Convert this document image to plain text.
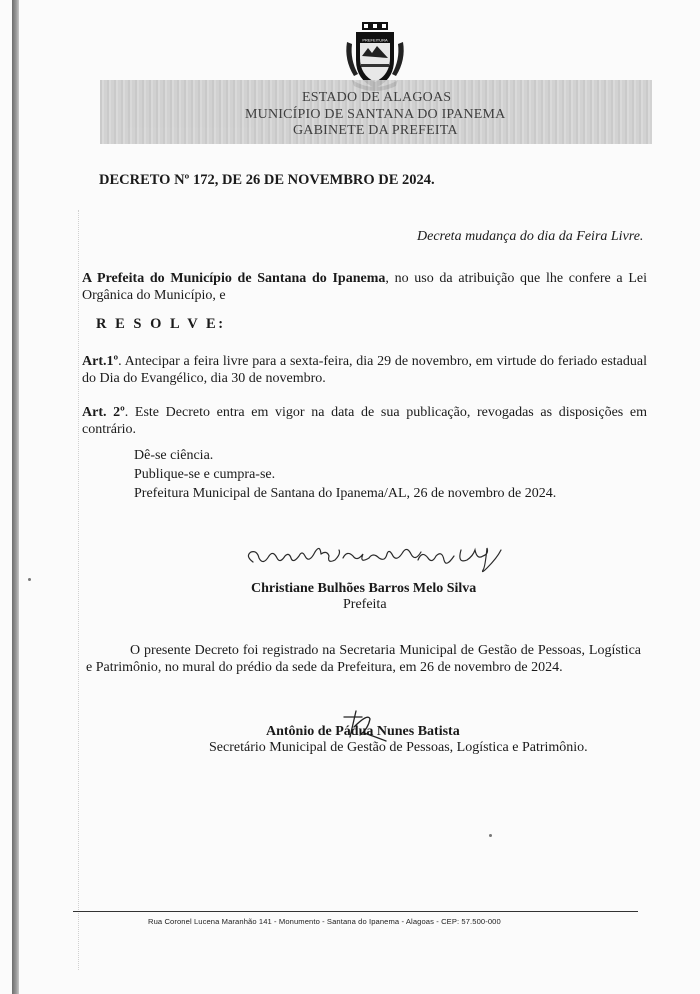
PREFEITURA
ESTADO DE ALAGOAS
MUNICÍPIO DE SANTANA DO IPANEMA
GABINETE DA PREFEITA
DECRETO Nº 172, DE 26 DE NOVEMBRO DE 2024.
Decreta mudança do dia da Feira Livre.
A Prefeita do Município de Santana do Ipanema, no uso da atribuição que lhe confere a Lei Orgânica do Município, e
R E S O L V E:
Art.1º. Antecipar a feira livre para a sexta-feira, dia 29 de novembro, em virtude do feriado estadual do Dia do Evangélico, dia 30 de novembro.
Art. 2º. Este Decreto entra em vigor na data de sua publicação, revogadas as disposições em contrário.
Dê-se ciência.
Publique-se e cumpra-se.
Prefeitura Municipal de Santana do Ipanema/AL, 26 de novembro de 2024.
Christiane Bulhões Barros Melo Silva
Prefeita
O presente Decreto foi registrado na Secretaria Municipal de Gestão de Pessoas, Logística e Patrimônio, no mural do prédio da sede da Prefeitura, em 26 de novembro de 2024.
Antônio de Pádua Nunes Batista
Secretário Municipal de Gestão de Pessoas, Logística e Patrimônio.
Rua Coronel Lucena Maranhão 141 - Monumento - Santana do Ipanema - Alagoas - CEP: 57.500-000
